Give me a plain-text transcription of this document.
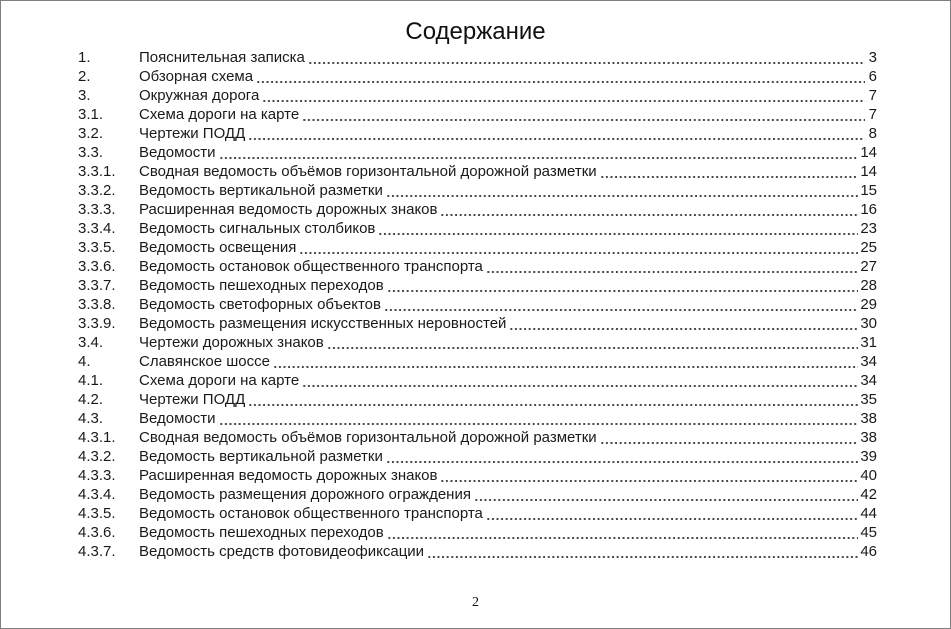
Содержание
1.	Пояснительная записка	3
2.	Обзорная схема	6
3.	Окружная дорога	7
3.1.	Схема дороги на карте	7
3.2.	Чертежи ПОДД	8
3.3.	Ведомости	14
3.3.1.	Сводная ведомость объёмов горизонтальной дорожной разметки	14
3.3.2.	Ведомость вертикальной разметки	15
3.3.3.	Расширенная ведомость дорожных знаков	16
3.3.4.	Ведомость сигнальных столбиков	23
3.3.5.	Ведомость освещения	25
3.3.6.	Ведомость остановок общественного транспорта	27
3.3.7.	Ведомость пешеходных переходов	28
3.3.8.	Ведомость светофорных объектов	29
3.3.9.	Ведомость размещения искусственных неровностей	30
3.4.	Чертежи дорожных знаков	31
4.	Славянское шоссе	34
4.1.	Схема дороги на карте	34
4.2.	Чертежи ПОДД	35
4.3.	Ведомости	38
4.3.1.	Сводная ведомость объёмов горизонтальной дорожной разметки	38
4.3.2.	Ведомость вертикальной разметки	39
4.3.3.	Расширенная ведомость дорожных знаков	40
4.3.4.	Ведомость размещения дорожного ограждения	42
4.3.5.	Ведомость остановок общественного транспорта	44
4.3.6.	Ведомость пешеходных переходов	45
4.3.7.	Ведомость средств фотовидеофиксации	46
2
